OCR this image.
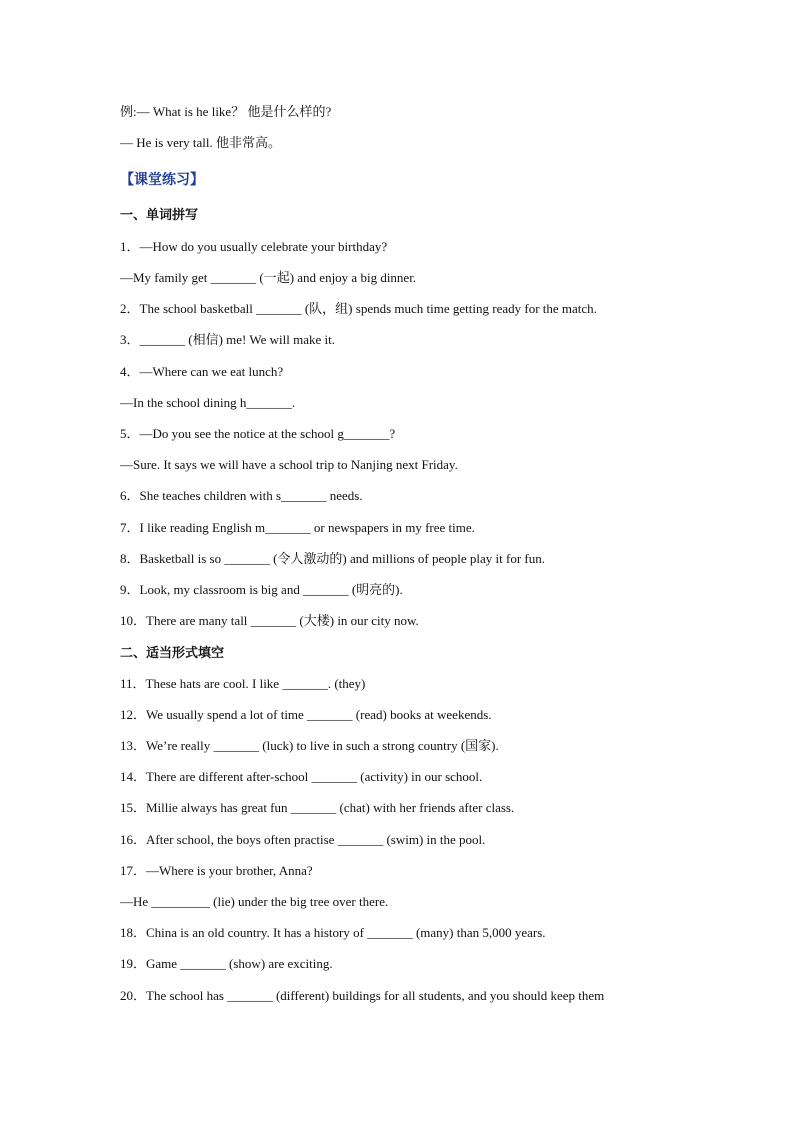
例:— What is he like？ 他是什么样的?
— He is very tall. 他非常高。
【课堂练习】
一、单词拼写
1．—How do you usually celebrate your birthday?
—My family get _______ (一起) and enjoy a big dinner.
2．The school basketball _______ (队，组) spends much time getting ready for the match.
3．_______ (相信) me! We will make it.
4．—Where can we eat lunch?
—In the school dining h_______.
5．—Do you see the notice at the school g_______?
—Sure. It says we will have a school trip to Nanjing next Friday.
6．She teaches children with s_______ needs.
7．I like reading English m_______ or newspapers in my free time.
8．Basketball is so _______ (令人激动的) and millions of people play it for fun.
9．Look, my classroom is big and _______ (明亮的).
10．There are many tall _______ (大楼) in our city now.
二、适当形式填空
11．These hats are cool. I like _______. (they)
12．We usually spend a lot of time _______ (read) books at weekends.
13．We’re really _______ (luck) to live in such a strong country (国家).
14．There are different after-school _______ (activity) in our school.
15．Millie always has great fun _______ (chat) with her friends after class.
16．After school, the boys often practise _______ (swim) in the pool.
17．—Where is your brother, Anna?
—He _________ (lie) under the big tree over there.
18．China is an old country. It has a history of _______ (many) than 5,000 years.
19．Game _______ (show) are exciting.
20．The school has _______ (different) buildings for all students, and you should keep them
